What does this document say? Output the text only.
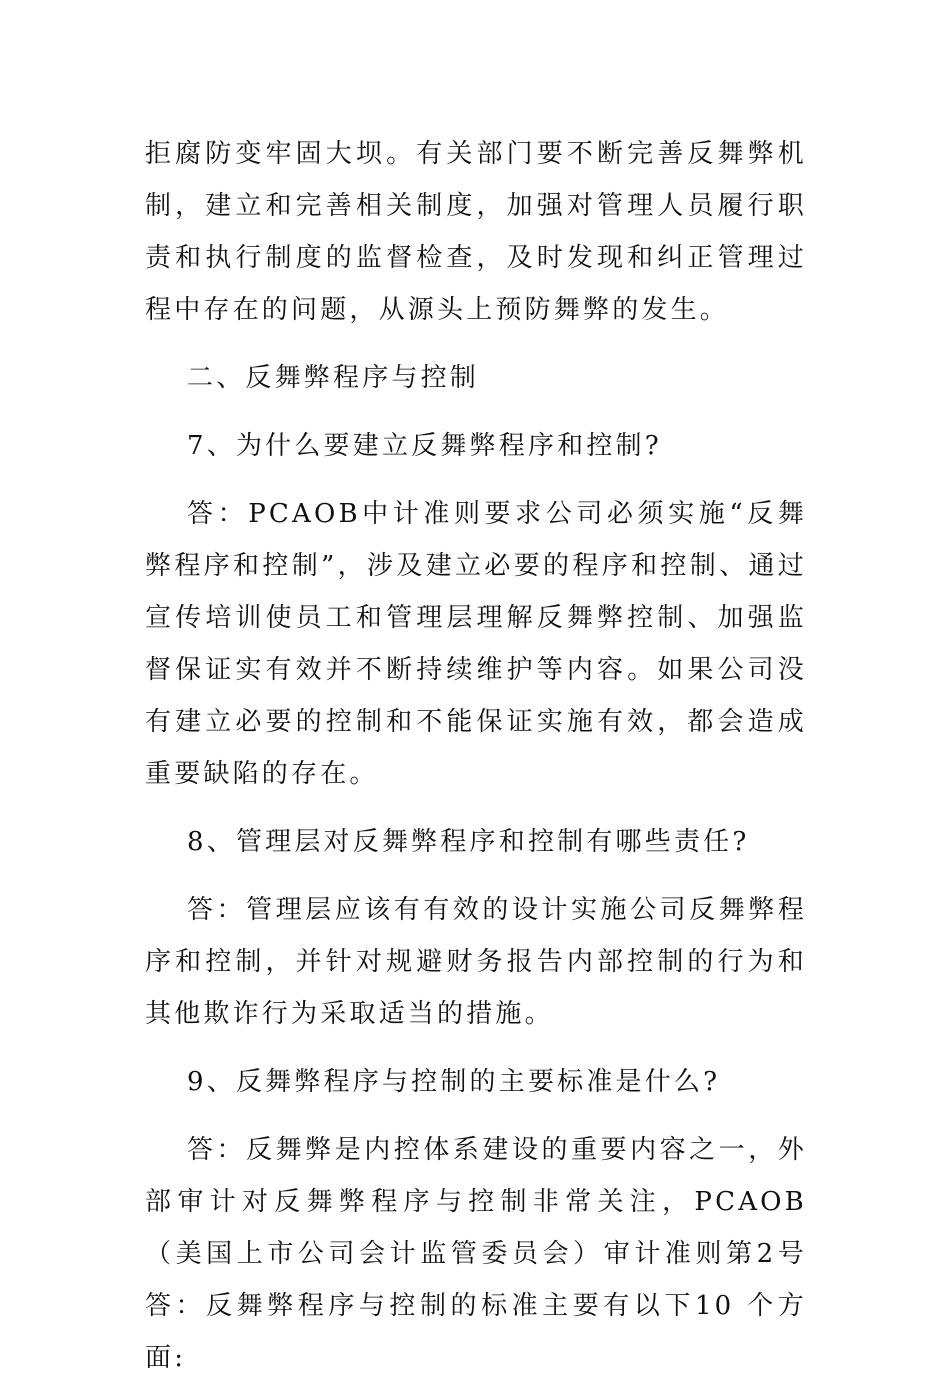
拒腐防变牢固大坝。有关部门要不断完善反舞弊机制，建立和完善相关制度，加强对管理人员履行职责和执行制度的监督检查，及时发现和纠正管理过程中存在的问题，从源头上预防舞弊的发生。

二、反舞弊程序与控制

7、为什么要建立反舞弊程序和控制?

答：PCAOB中计准则要求公司必须实施“反舞弊程序和控制”，涉及建立必要的程序和控制、通过宣传培训使员工和管理层理解反舞弊控制、加强监督保证实有效并不断持续维护等内容。如果公司没有建立必要的控制和不能保证实施有效，都会造成重要缺陷的存在。

8、管理层对反舞弊程序和控制有哪些责任?

答：管理层应该有有效的设计实施公司反舞弊程序和控制，并针对规避财务报告内部控制的行为和其他欺诈行为采取适当的措施。

9、反舞弊程序与控制的主要标准是什么?

答：反舞弊是内控体系建设的重要内容之一，外部审计对反舞弊程序与控制非常关注，PCAOB （美国上市公司会计监管委员会）审计准则第2号答：反舞弊程序与控制的标准主要有以下10 个方面:
